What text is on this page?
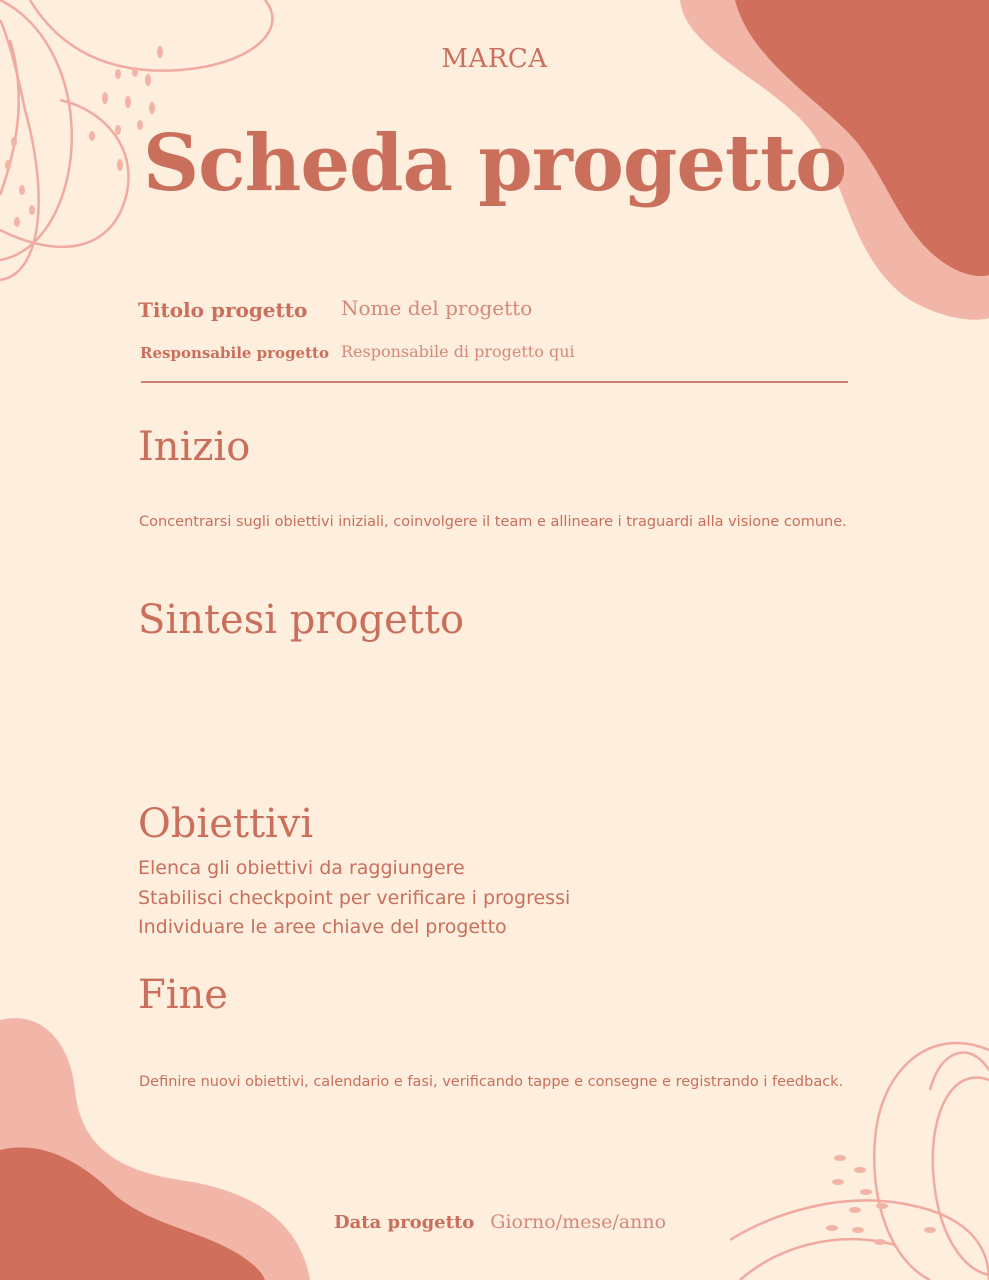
MARCA
Scheda progetto
Titolo progetto Nome del progetto
Responsabile progetto Responsabile di progetto qui
Inizio
Concentrarsi sugli obiettivi iniziali, coinvolgere il team e allineare i traguardi alla visione comune.
Sintesi progetto
Obiettivi
Elenca gli obiettivi da raggiungere
Stabilisci checkpoint per verificare i progressi
Individuare le aree chiave del progetto
Fine
Definire nuovi obiettivi, calendario e fasi, verificando tappe e consegne e registrando i feedback.
Data progetto Giorno/mese/anno
